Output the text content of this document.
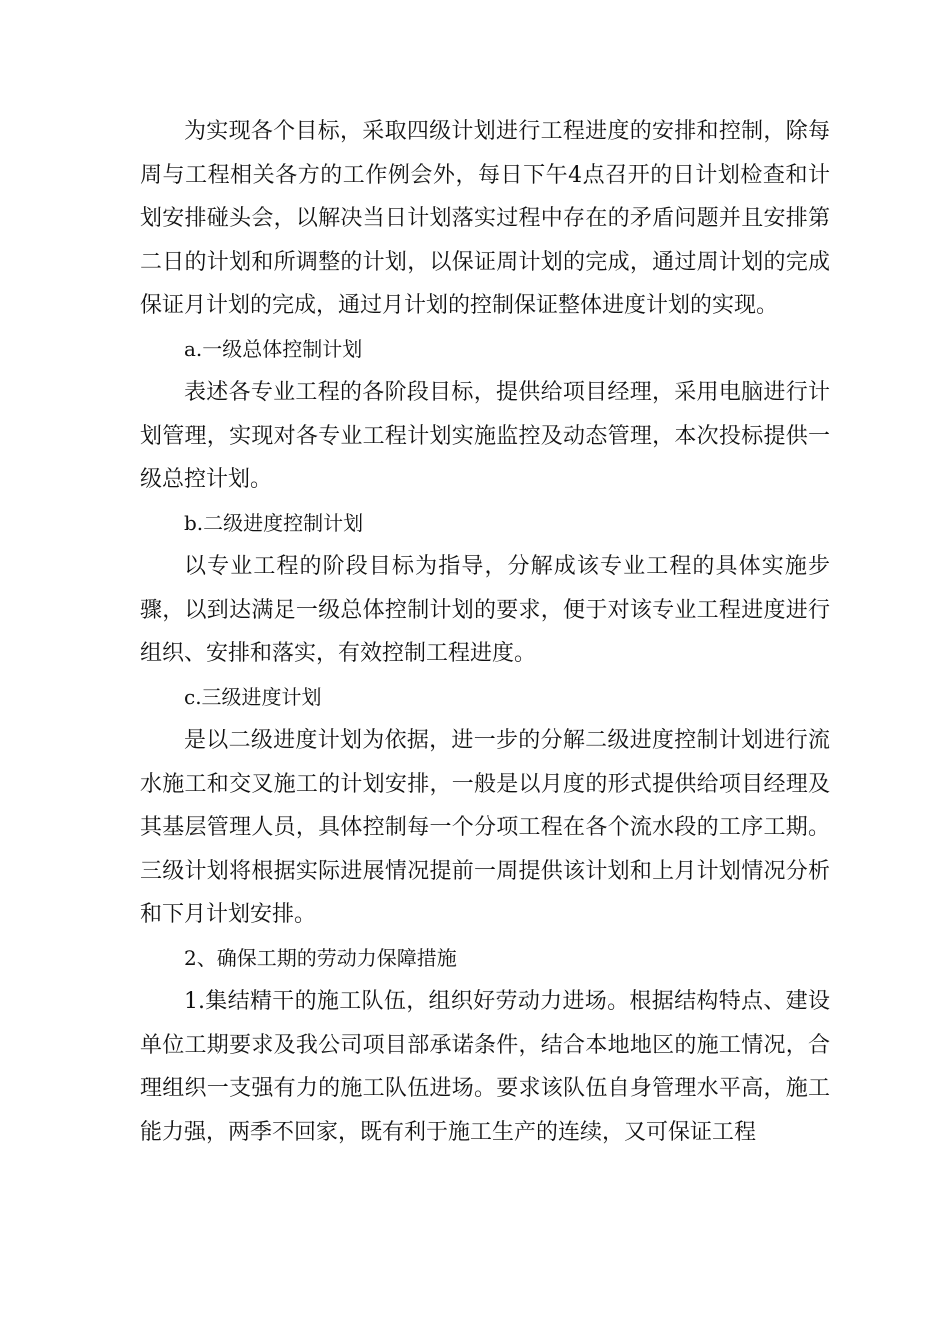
为实现各个目标，采取四级计划进行工程进度的安排和控制，除每周与工程相关各方的工作例会外，每日下午4点召开的日计划检查和计划安排碰头会，以解决当日计划落实过程中存在的矛盾问题并且安排第二日的计划和所调整的计划，以保证周计划的完成，通过周计划的完成保证月计划的完成，通过月计划的控制保证整体进度计划的实现。

a.一级总体控制计划

表述各专业工程的各阶段目标，提供给项目经理，采用电脑进行计划管理，实现对各专业工程计划实施监控及动态管理，本次投标提供一级总控计划。

b.二级进度控制计划

以专业工程的阶段目标为指导，分解成该专业工程的具体实施步骤，以到达满足一级总体控制计划的要求，便于对该专业工程进度进行组织、安排和落实，有效控制工程进度。

c.三级进度计划

是以二级进度计划为依据，进一步的分解二级进度控制计划进行流水施工和交叉施工的计划安排，一般是以月度的形式提供给项目经理及其基层管理人员，具体控制每一个分项工程在各个流水段的工序工期。三级计划将根据实际进展情况提前一周提供该计划和上月计划情况分析和下月计划安排。

2、确保工期的劳动力保障措施

1.集结精干的施工队伍，组织好劳动力进场。根据结构特点、建设单位工期要求及我公司项目部承诺条件，结合本地地区的施工情况，合理组织一支强有力的施工队伍进场。要求该队伍自身管理水平高，施工能力强，两季不回家，既有利于施工生产的连续，又可保证工程
